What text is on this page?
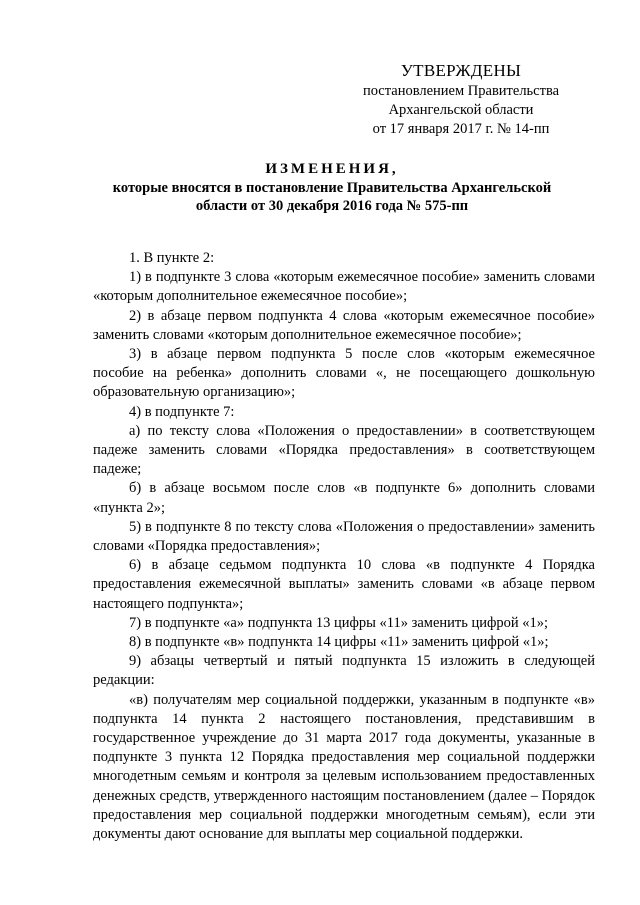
УТВЕРЖДЕНЫ
постановлением Правительства
Архангельской области
от 17 января 2017 г. № 14-пп
ИЗМЕНЕНИЯ,
которые вносятся в постановление Правительства Архангельской
области от 30 декабря 2016 года № 575-пп

1. В пункте 2:

1) в подпункте 3 слова «которым ежемесячное пособие» заменить словами «которым дополнительное ежемесячное пособие»;

2) в абзаце первом подпункта 4 слова «которым ежемесячное пособие» заменить словами «которым дополнительное ежемесячное пособие»;

3) в абзаце первом подпункта 5 после слов «которым ежемесячное пособие на ребенка» дополнить словами «, не посещающего дошкольную образовательную организацию»;

4) в подпункте 7:

а) по тексту слова «Положения о предоставлении» в соответствующем падеже заменить словами «Порядка предоставления» в соответствующем падеже;

б) в абзаце восьмом после слов «в подпункте 6» дополнить словами «пункта 2»;

5) в подпункте 8 по тексту слова «Положения о предоставлении» заменить словами «Порядка предоставления»;

6) в абзаце седьмом подпункта 10 слова «в подпункте 4 Порядка предоставления ежемесячной выплаты» заменить словами «в абзаце первом настоящего подпункта»;

7) в подпункте «а» подпункта 13 цифры «11» заменить цифрой «1»;

8) в подпункте «в» подпункта 14 цифры «11» заменить цифрой «1»;

9) абзацы четвертый и пятый подпункта 15 изложить в следующей редакции:

«в) получателям мер социальной поддержки, указанным в подпункте «в» подпункта 14 пункта 2 настоящего постановления, представившим в государственное учреждение до 31 марта 2017 года документы, указанные в подпункте 3 пункта 12 Порядка предоставления мер социальной поддержки многодетным семьям и контроля за целевым использованием предоставленных денежных средств, утвержденного настоящим постановлением (далее – Порядок предоставления мер социальной поддержки многодетным семьям), если эти документы дают основание для выплаты мер социальной поддержки.
